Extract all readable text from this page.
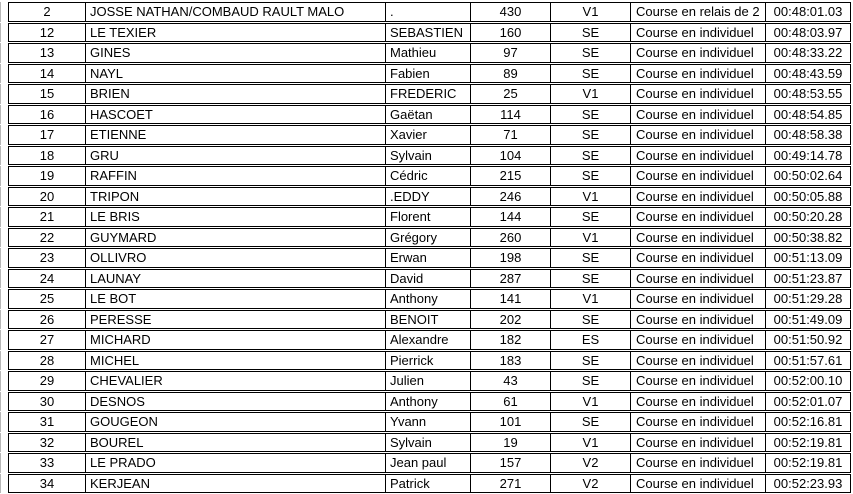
2	JOSSE NATHAN/COMBAUD RAULT MALO	.	430	V1	Course en relais de 2	00:48:01.03
12	LE TEXIER	SEBASTIEN	160	SE	Course en individuel	00:48:03.97
13	GINES	Mathieu	97	SE	Course en individuel	00:48:33.22
14	NAYL	Fabien	89	SE	Course en individuel	00:48:43.59
15	BRIEN	FREDERIC	25	V1	Course en individuel	00:48:53.55
16	HASCOET	Gaëtan	114	SE	Course en individuel	00:48:54.85
17	ETIENNE	Xavier	71	SE	Course en individuel	00:48:58.38
18	GRU	Sylvain	104	SE	Course en individuel	00:49:14.78
19	RAFFIN	Cédric	215	SE	Course en individuel	00:50:02.64
20	TRIPON	.EDDY	246	V1	Course en individuel	00:50:05.88
21	LE BRIS	Florent	144	SE	Course en individuel	00:50:20.28
22	GUYMARD	Grégory	260	V1	Course en individuel	00:50:38.82
23	OLLIVRO	Erwan	198	SE	Course en individuel	00:51:13.09
24	LAUNAY	David	287	SE	Course en individuel	00:51:23.87
25	LE BOT	Anthony	141	V1	Course en individuel	00:51:29.28
26	PERESSE	BENOIT	202	SE	Course en individuel	00:51:49.09
27	MICHARD	Alexandre	182	ES	Course en individuel	00:51:50.92
28	MICHEL	Pierrick	183	SE	Course en individuel	00:51:57.61
29	CHEVALIER	Julien	43	SE	Course en individuel	00:52:00.10
30	DESNOS	Anthony	61	V1	Course en individuel	00:52:01.07
31	GOUGEON	Yvann	101	SE	Course en individuel	00:52:16.81
32	BOUREL	Sylvain	19	V1	Course en individuel	00:52:19.81
33	LE PRADO	Jean paul	157	V2	Course en individuel	00:52:19.81
34	KERJEAN	Patrick	271	V2	Course en individuel	00:52:23.93
